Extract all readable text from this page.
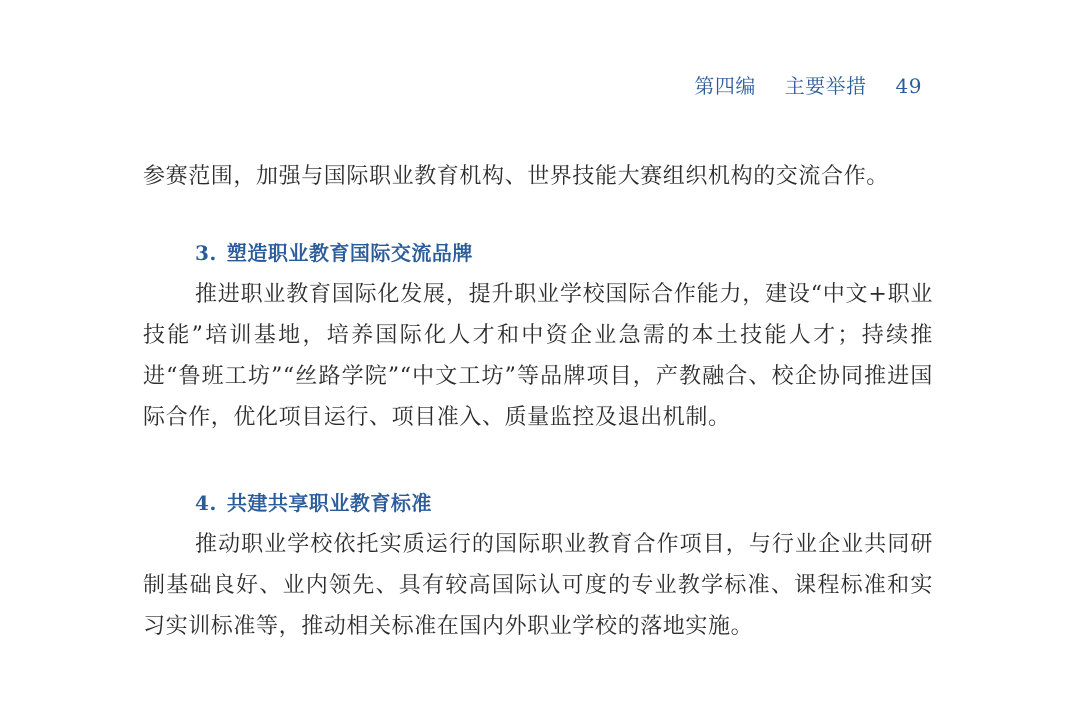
第四编 主要举措 49

参赛范围，加强与国际职业教育机构、世界技能大赛组织机构的交流合作。

3. 塑造职业教育国际交流品牌

推进职业教育国际化发展，提升职业学校国际合作能力，建设“中文+职业技能”培训基地，培养国际化人才和中资企业急需的本土技能人才；持续推进“鲁班工坊”“丝路学院”“中文工坊”等品牌项目，产教融合、校企协同推进国际合作，优化项目运行、项目准入、质量监控及退出机制。

4. 共建共享职业教育标准

推动职业学校依托实质运行的国际职业教育合作项目，与行业企业共同研制基础良好、业内领先、具有较高国际认可度的专业教学标准、课程标准和实习实训标准等，推动相关标准在国内外职业学校的落地实施。
